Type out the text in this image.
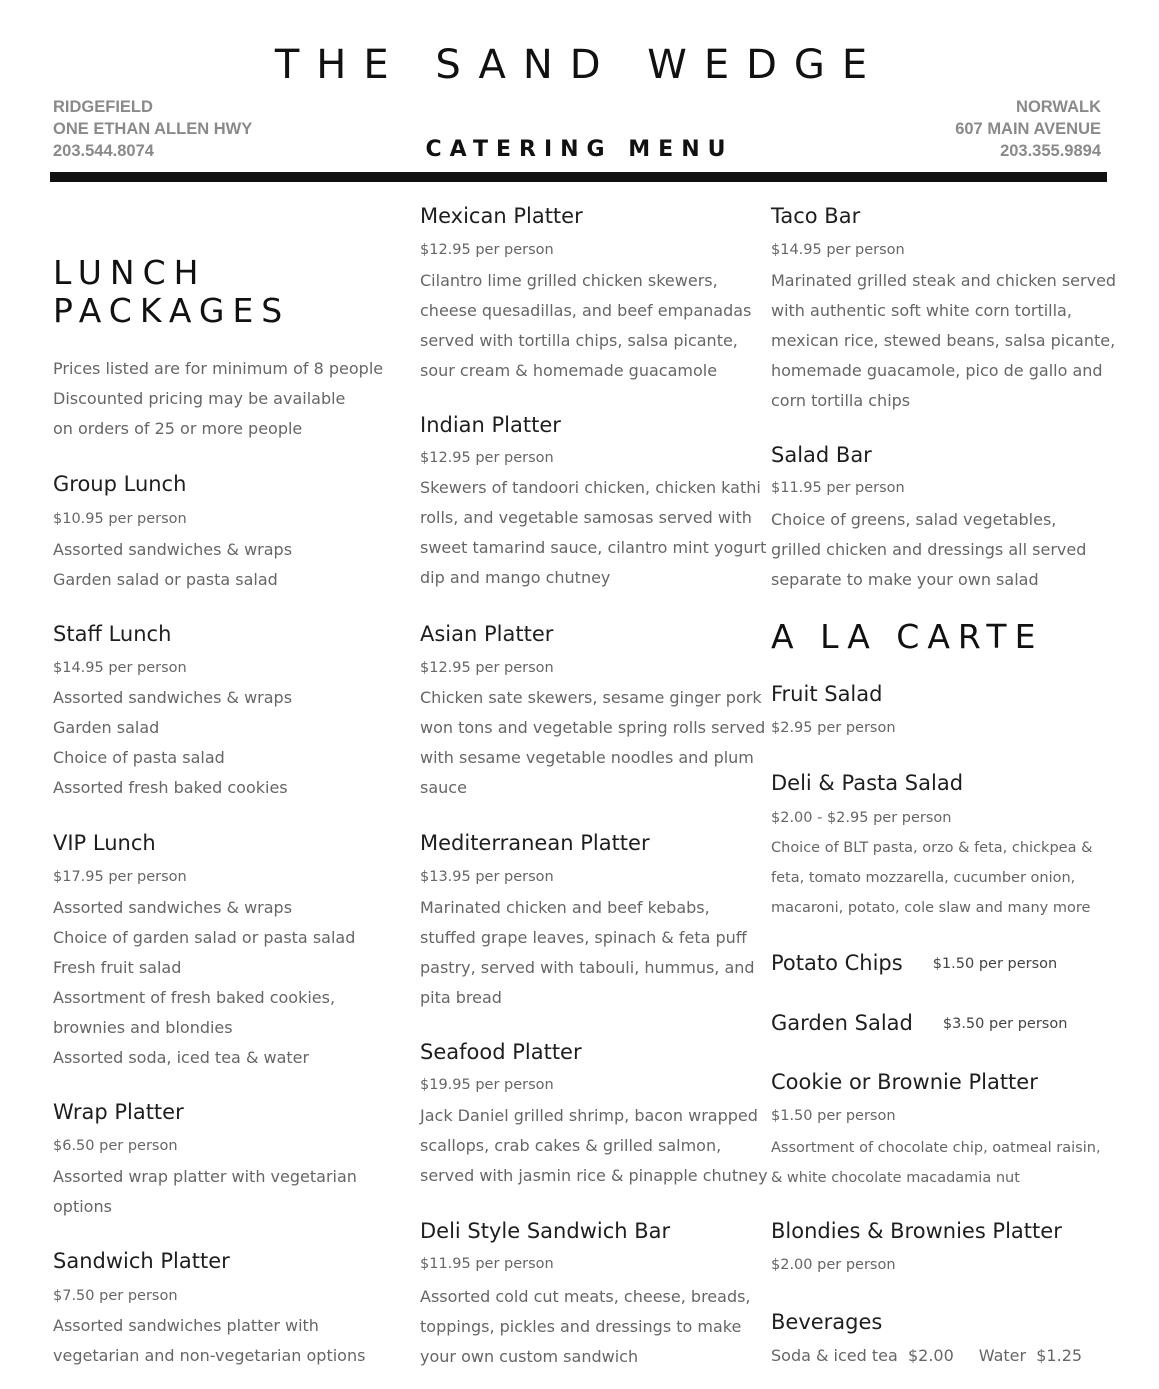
THE SAND WEDGE
RIDGEFIELD
ONE ETHAN ALLEN HWY
203.544.8074	CATERING MENU
NORWALK
607 MAIN AVENUE
203.355.9894
LUNCH
PACKAGES
Prices listed are for minimum of 8 people
Discounted pricing may be available
on orders of 25 or more people
Group Lunch
$10.95 per person
Assorted sandwiches & wraps
Garden salad or pasta salad
Staff Lunch
$14.95 per person
Assorted sandwiches & wraps
Garden salad
Choice of pasta salad
Assorted fresh baked cookies
VIP Lunch
$17.95 per person
Assorted sandwiches & wraps
Choice of garden salad or pasta salad
Fresh fruit salad
Assortment of fresh baked cookies,
brownies and blondies
Assorted soda, iced tea & water
Wrap Platter
$6.50 per person
Assorted wrap platter with vegetarian
options
Sandwich Platter
$7.50 per person
Assorted sandwiches platter with
vegetarian and non-vegetarian options
Mexican Platter
$12.95 per person
Cilantro lime grilled chicken skewers,
cheese quesadillas, and beef empanadas
served with tortilla chips, salsa picante,
sour cream & homemade guacamole
Indian Platter
$12.95 per person
Skewers of tandoori chicken, chicken kathi
rolls, and vegetable samosas served with
sweet tamarind sauce, cilantro mint yogurt
dip and mango chutney
Asian Platter
$12.95 per person
Chicken sate skewers, sesame ginger pork
won tons and vegetable spring rolls served
with sesame vegetable noodles and plum
sauce
Mediterranean Platter
$13.95 per person
Marinated chicken and beef kebabs,
stuffed grape leaves, spinach & feta puff
pastry, served with tabouli, hummus, and
pita bread
Seafood Platter
$19.95 per person
Jack Daniel grilled shrimp, bacon wrapped
scallops, crab cakes & grilled salmon,
served with jasmin rice & pinapple chutney
Deli Style Sandwich Bar
$11.95 per person
Assorted cold cut meats, cheese, breads,
toppings, pickles and dressings to make
your own custom sandwich
Taco Bar
$14.95 per person
Marinated grilled steak and chicken served
with authentic soft white corn tortilla,
mexican rice, stewed beans, salsa picante,
homemade guacamole, pico de gallo and
corn tortilla chips
Salad Bar
$11.95 per person
Choice of greens, salad vegetables,
grilled chicken and dressings all served
separate to make your own salad
A LA CARTE
Fruit Salad
$2.95 per person
Deli & Pasta Salad
$2.00 - $2.95 per person
Choice of BLT pasta, orzo & feta, chickpea &
feta, tomato mozzarella, cucumber onion,
macaroni, potato, cole slaw and many more
Potato Chips $1.50 per person
Garden Salad $3.50 per person
Cookie or Brownie Platter
$1.50 per person
Assortment of chocolate chip, oatmeal raisin,
& white chocolate macadamia nut
Blondies & Brownies Platter
$2.00 per person
Beverages
Soda & iced tea  $2.00 Water  $1.25
